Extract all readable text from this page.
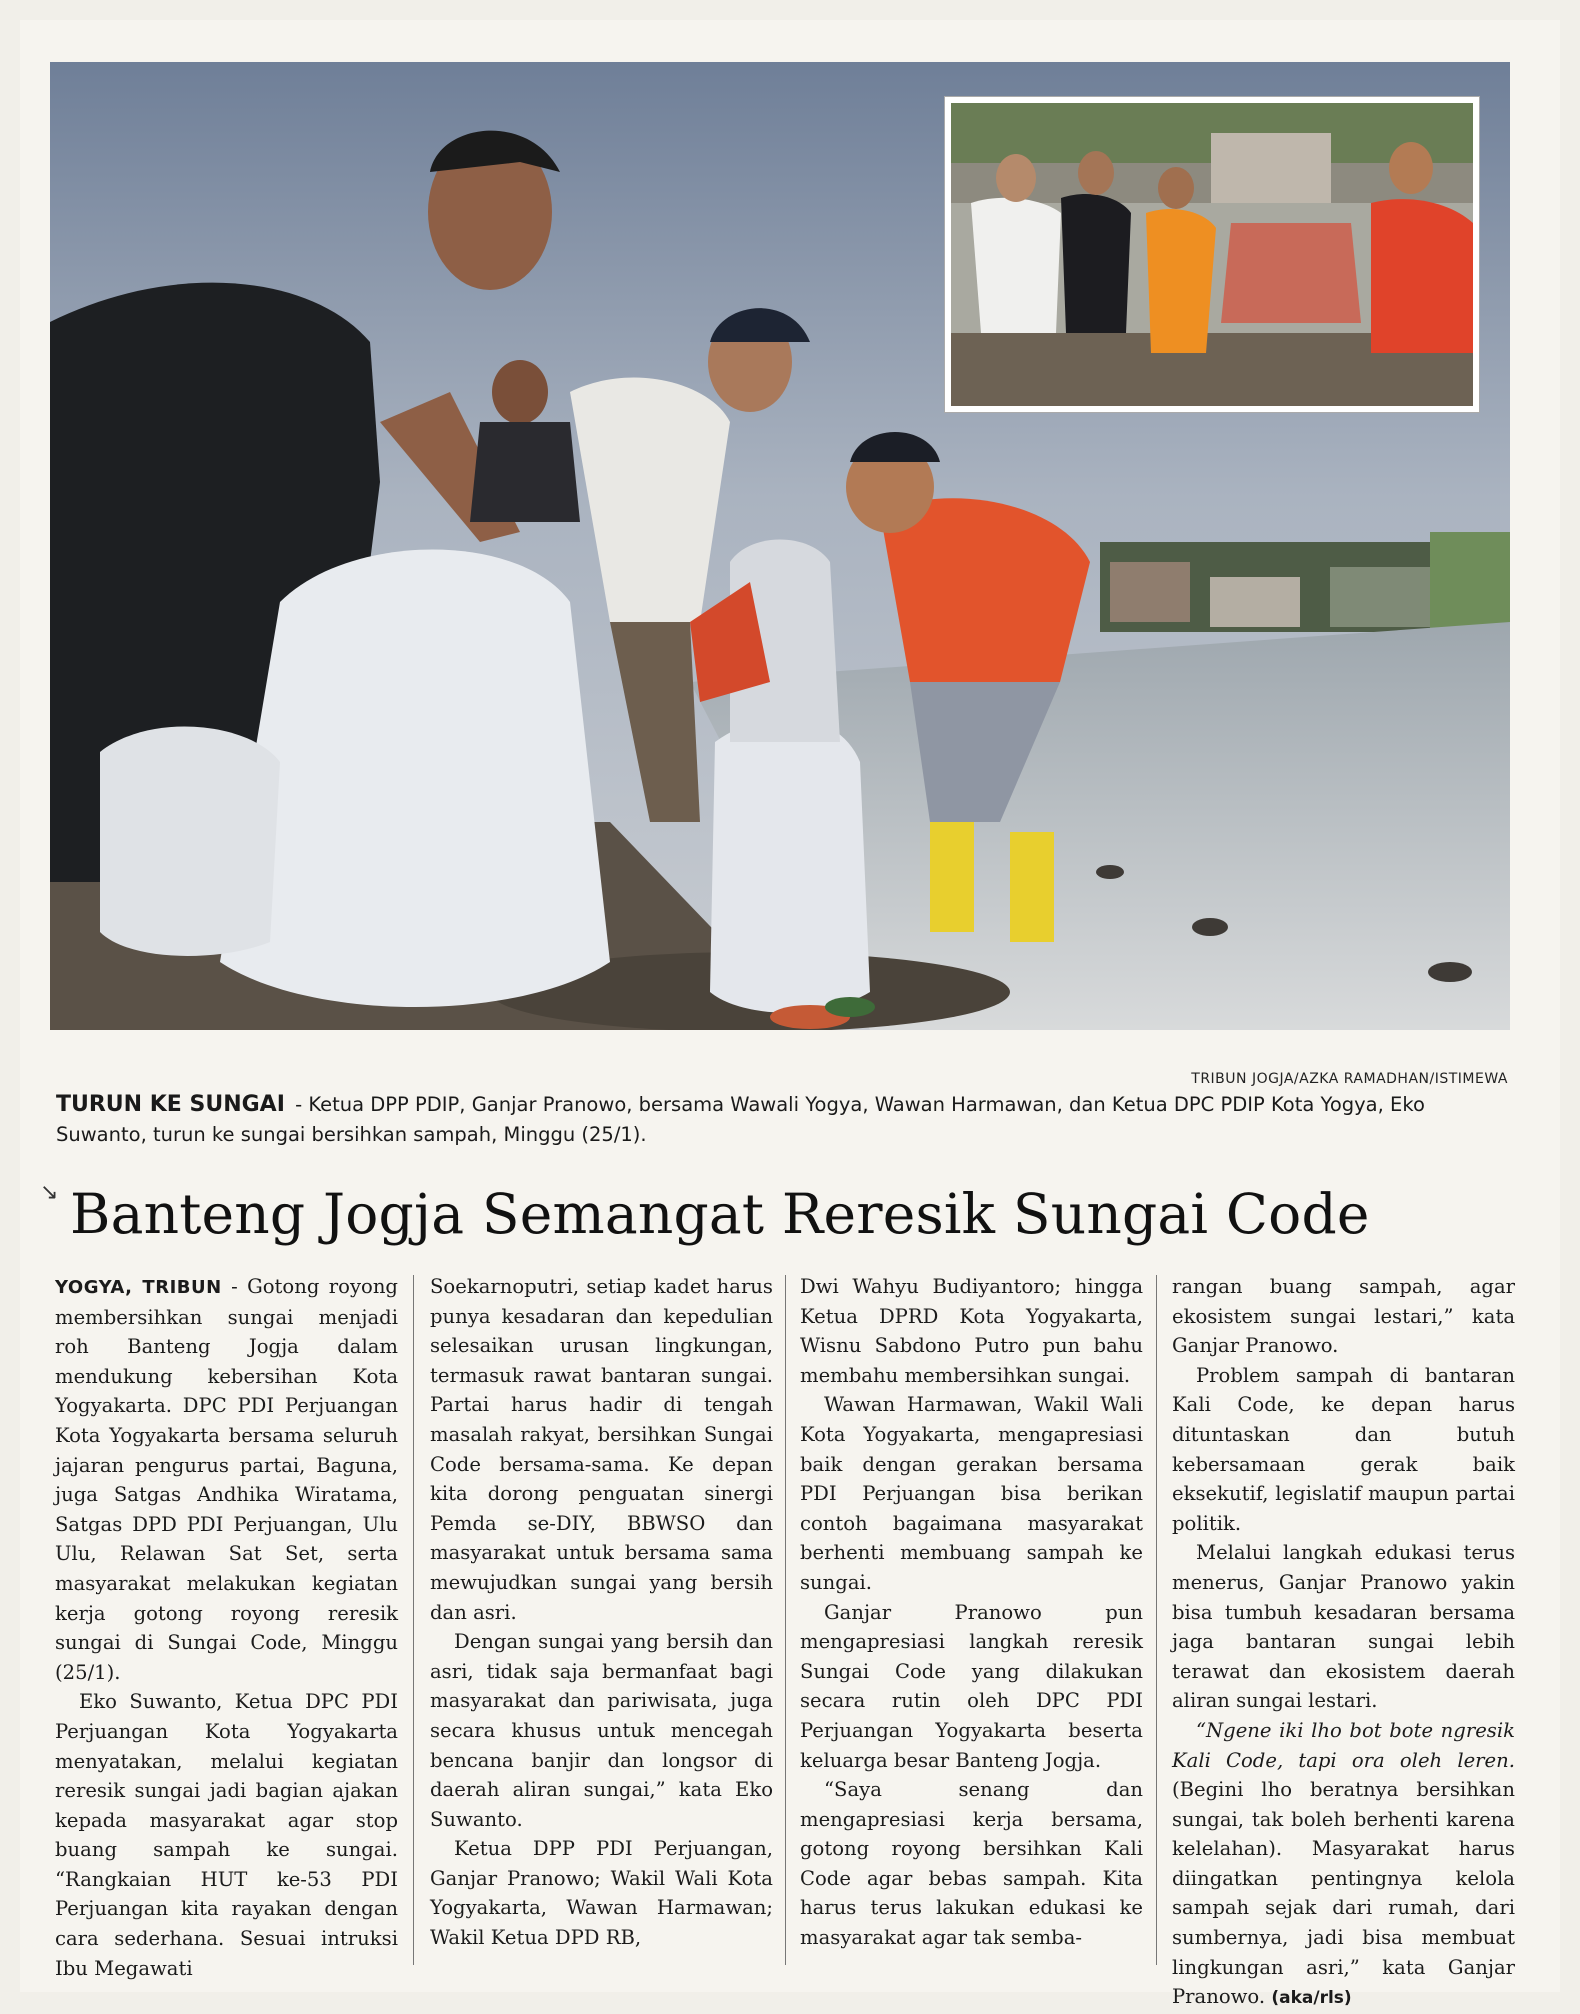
TRIBUN JOGJA/AZKA RAMADHAN/ISTIMEWA
TURUN KE SUNGAI - Ketua DPP PDIP, Ganjar Pranowo, bersama Wawali Yogya, Wawan Harmawan, dan Ketua DPC PDIP Kota Yogya, Eko Suwanto, turun ke sungai bersihkan sampah, Minggu (25/1).
↘ Banteng Jogja Semangat Reresik Sungai Code

YOGYA, TRIBUN - Gotong royong membersihkan sungai menjadi roh Banteng Jogja dalam mendukung kebersihan Kota Yogyakarta. DPC PDI Perjuangan Kota Yogyakarta bersama seluruh jajaran pengurus partai, Baguna, juga Satgas Andhika Wiratama, Satgas DPD PDI Perjuangan, Ulu Ulu, Relawan Sat Set, serta masyarakat melakukan kegiatan kerja gotong royong reresik sungai di Sungai Code, Minggu (25/1).

Eko Suwanto, Ketua DPC PDI Perjuangan Kota Yogyakarta menyatakan, melalui kegiatan reresik sungai jadi bagian ajakan kepada masyarakat agar stop buang sampah ke sungai. “Rangkaian HUT ke-53 PDI Perjuangan kita rayakan dengan cara sederhana. Sesuai intruksi Ibu Megawati

Soekarnoputri, setiap kadet harus punya kesadaran dan kepedulian selesaikan urusan lingkungan, termasuk rawat bantaran sungai. Partai harus hadir di tengah masalah rakyat, bersihkan Sungai Code bersama-sama. Ke depan kita dorong penguatan sinergi Pemda se-DIY, BBWSO dan masyarakat untuk bersama sama mewujudkan sungai yang bersih dan asri.

Dengan sungai yang bersih dan asri, tidak saja bermanfaat bagi masyarakat dan pariwisata, juga secara khusus untuk mencegah bencana banjir dan longsor di daerah aliran sungai,” kata Eko Suwanto.

Ketua DPP PDI Perjuangan, Ganjar Pranowo; Wakil Wali Kota Yogyakarta, Wawan Harmawan; Wakil Ketua DPD RB,

Dwi Wahyu Budiyantoro; hingga Ketua DPRD Kota Yogyakarta, Wisnu Sabdono Putro pun bahu membahu membersihkan sungai.

Wawan Harmawan, Wakil Wali Kota Yogyakarta, mengapresiasi baik dengan gerakan bersama PDI Perjuangan bisa berikan contoh bagaimana masyarakat berhenti membuang sampah ke sungai.

Ganjar Pranowo pun mengapresiasi langkah reresik Sungai Code yang dilakukan secara rutin oleh DPC PDI Perjuangan Yogyakarta beserta keluarga besar Banteng Jogja.

“Saya senang dan mengapresiasi kerja bersama, gotong royong bersihkan Kali Code agar bebas sampah. Kita harus terus lakukan edukasi ke masyarakat agar tak semba-

rangan buang sampah, agar ekosistem sungai lestari,” kata Ganjar Pranowo.

Problem sampah di bantaran Kali Code, ke depan harus dituntaskan dan butuh kebersamaan gerak baik eksekutif, legislatif maupun partai politik.

Melalui langkah edukasi terus menerus, Ganjar Pranowo yakin bisa tumbuh kesadaran bersama jaga bantaran sungai lebih terawat dan ekosistem daerah aliran sungai lestari.

“Ngene iki lho bot bote ngresik Kali Code, tapi ora oleh leren. (Begini lho beratnya bersihkan sungai, tak boleh berhenti karena kelelahan). Masyarakat harus diingatkan pentingnya kelola sampah sejak dari rumah, dari sumbernya, jadi bisa membuat lingkungan asri,” kata Ganjar Pranowo. (aka/rls)
